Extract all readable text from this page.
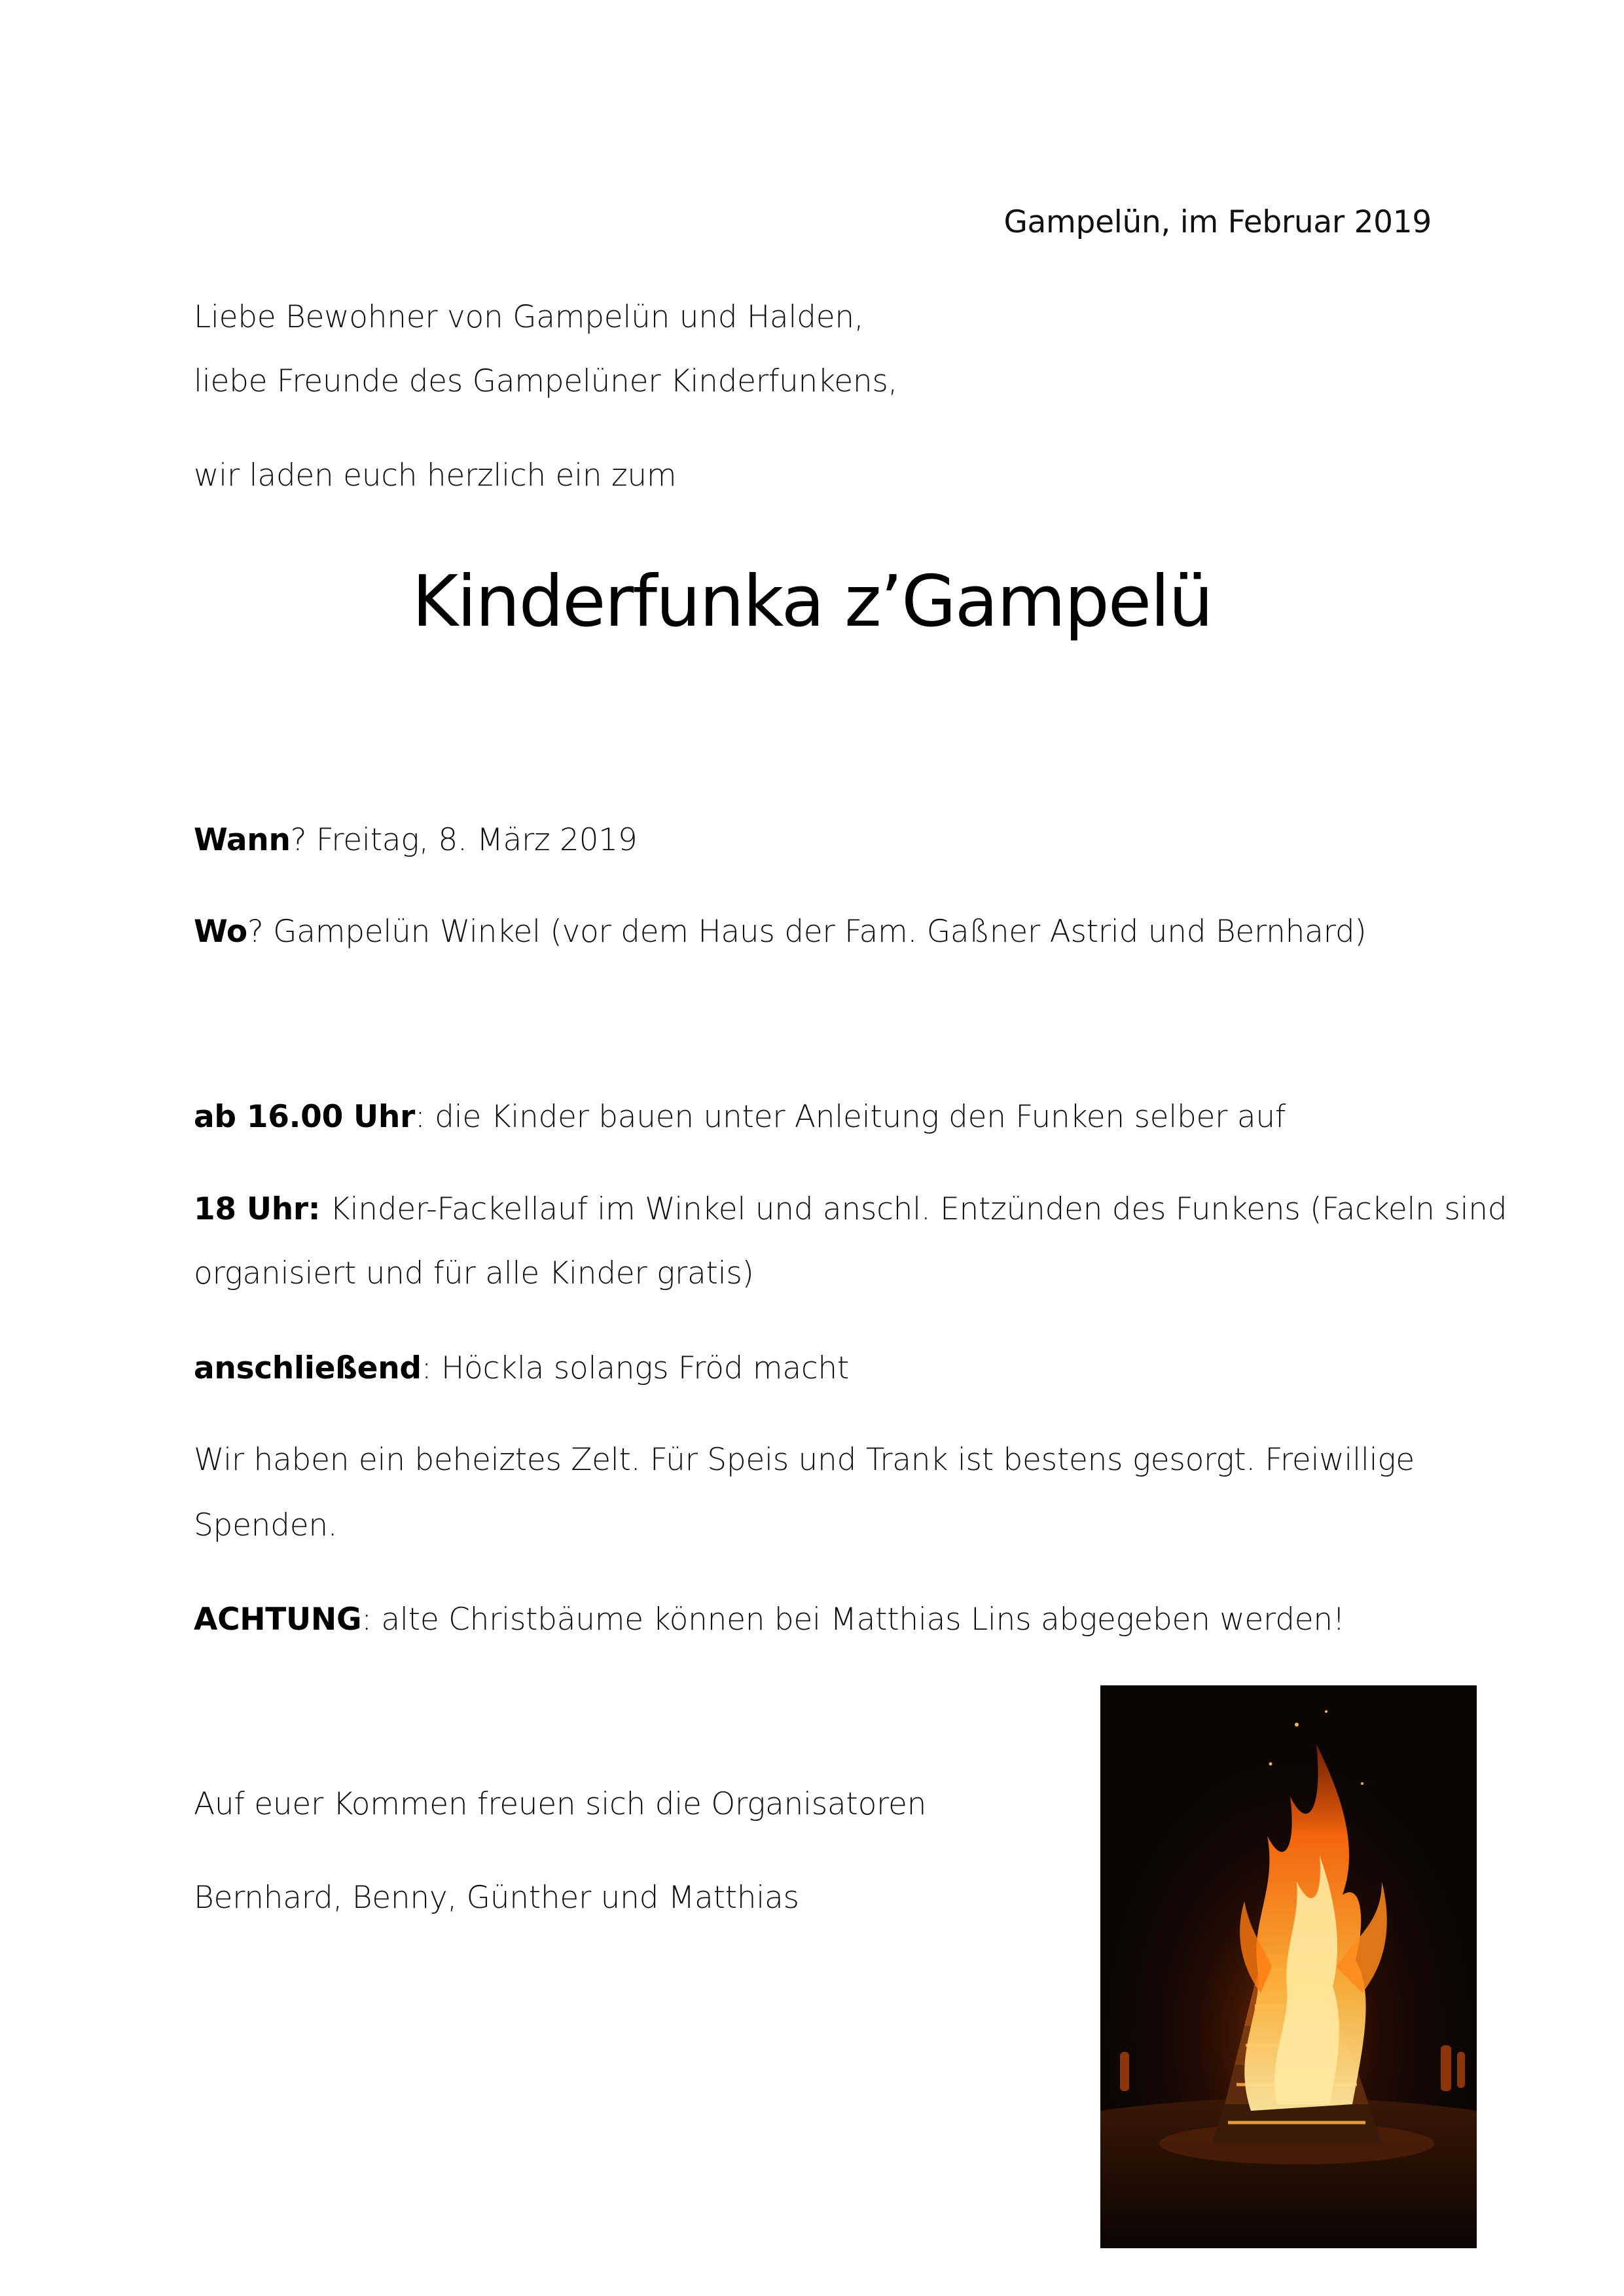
Gampelün, im Februar 2019
Liebe Bewohner von Gampelün und Halden,
liebe Freunde des Gampelüner Kinderfunkens,
wir laden euch herzlich ein zum
Kinderfunka z’Gampelü
Wann? Freitag, 8. März 2019
Wo? Gampelün Winkel (vor dem Haus der Fam. Gaßner Astrid und Bernhard)
ab 16.00 Uhr: die Kinder bauen unter Anleitung den Funken selber auf
18 Uhr: Kinder-Fackellauf im Winkel und anschl. Entzünden des Funkens (Fackeln sind
organisiert und für alle Kinder gratis)
anschließend: Höckla solangs Fröd macht
Wir haben ein beheiztes Zelt. Für Speis und Trank ist bestens gesorgt. Freiwillige
Spenden.
ACHTUNG: alte Christbäume können bei Matthias Lins abgegeben werden!
Auf euer Kommen freuen sich die Organisatoren
Bernhard, Benny, Günther und Matthias
